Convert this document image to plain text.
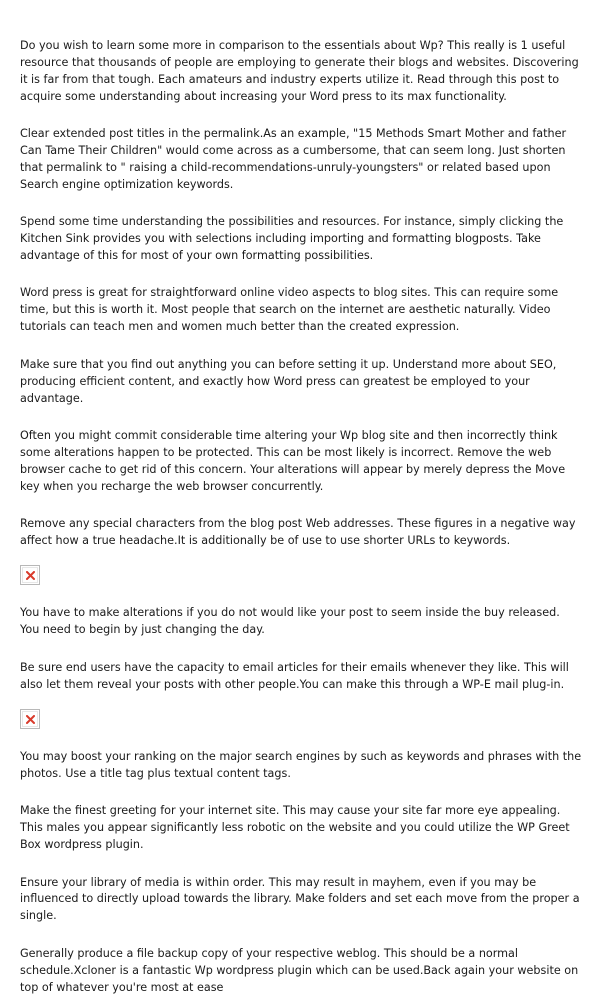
Do you wish to learn some more in comparison to the essentials about Wp? This really is 1 useful resource that thousands of people are employing to generate their blogs and websites. Discovering it is far from that tough. Each amateurs and industry experts utilize it. Read through this post to acquire some understanding about increasing your Word press to its max functionality.

Clear extended post titles in the permalink.As an example, "15 Methods Smart Mother and father Can Tame Their Children" would come across as a cumbersome, that can seem long. Just shorten that permalink to " raising a child-recommendations-unruly-youngsters" or related based upon Search engine optimization keywords.

Spend some time understanding the possibilities and resources. For instance, simply clicking the Kitchen Sink provides you with selections including importing and formatting blogposts. Take advantage of this for most of your own formatting possibilities.

Word press is great for straightforward online video aspects to blog sites. This can require some time, but this is worth it. Most people that search on the internet are aesthetic naturally. Video tutorials can teach men and women much better than the created expression.

Make sure that you find out anything you can before setting it up. Understand more about SEO, producing efficient content, and exactly how Word press can greatest be employed to your advantage.

Often you might commit considerable time altering your Wp blog site and then incorrectly think some alterations happen to be protected. This can be most likely is incorrect. Remove the web browser cache to get rid of this concern. Your alterations will appear by merely depress the Move key when you recharge the web browser concurrently.

Remove any special characters from the blog post Web addresses. These figures in a negative way affect how a true headache.It is additionally be of use to use shorter URLs to keywords.

You have to make alterations if you do not would like your post to seem inside the buy released. You need to begin by just changing the day.

Be sure end users have the capacity to email articles for their emails whenever they like. This will also let them reveal your posts with other people.You can make this through a WP-E mail plug-in.

You may boost your ranking on the major search engines by such as keywords and phrases with the photos. Use a title tag plus textual content tags.

Make the finest greeting for your internet site. This may cause your site far more eye appealing. This males you appear significantly less robotic on the website and you could utilize the WP Greet Box wordpress plugin.

Ensure your library of media is within order. This may result in mayhem, even if you may be influenced to directly upload towards the library. Make folders and set each move from the proper a single.

Generally produce a file backup copy of your respective weblog. This should be a normal schedule.Xcloner is a fantastic Wp wordpress plugin which can be used.Back again your website on top of whatever you're most at ease
